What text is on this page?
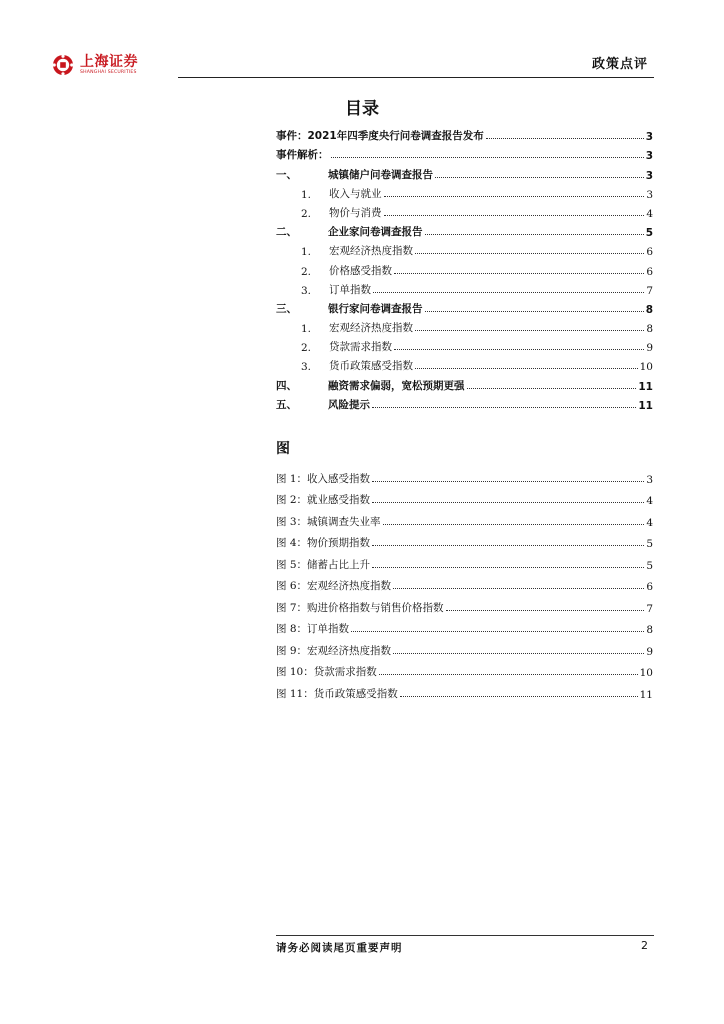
上海证券
SHANGHAI SECURITIES
政策点评
目录
事件：2021年四季度央行问卷调查报告发布	3
事件解析：	3
一、	城镇储户问卷调查报告	3
1.	收入与就业	3
2.	物价与消费	4
二、	企业家问卷调查报告	5
1.	宏观经济热度指数	6
2.	价格感受指数	6
3.	订单指数	7
三、	银行家问卷调查报告	8
1.	宏观经济热度指数	8
2.	贷款需求指数	9
3.	货币政策感受指数	10
四、	融资需求偏弱，宽松预期更强	11
五、	风险提示	11
图
图 1：收入感受指数	3
图 2：就业感受指数	4
图 3：城镇调查失业率	4
图 4：物价预期指数	5
图 5：储蓄占比上升	5
图 6：宏观经济热度指数	6
图 7：购进价格指数与销售价格指数	7
图 8：订单指数	8
图 9：宏观经济热度指数	9
图 10：贷款需求指数	10
图 11：货币政策感受指数	11
请务必阅读尾页重要声明	2
